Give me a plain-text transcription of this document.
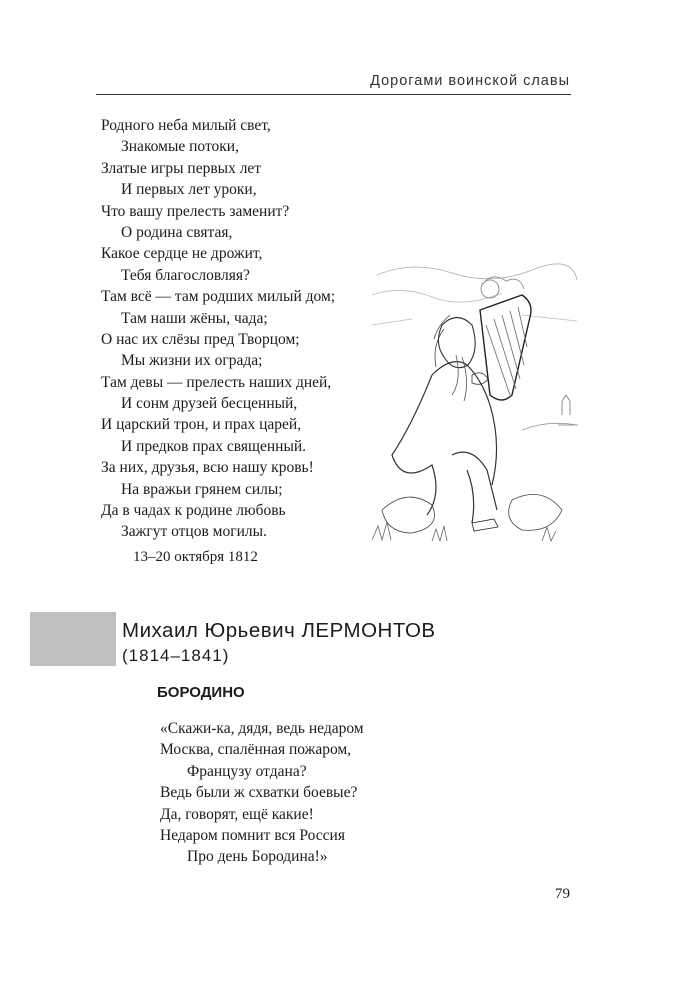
Дорогами воинской славы
Родного неба милый свет,
Знакомые потоки,
Златые игры первых лет
И первых лет уроки,
Что вашу прелесть заменит?
О родина святая,
Какое сердце не дрожит,
Тебя благословляя?
Там всё — там родших милый дом;
Там наши жёны, чада;
О нас их слёзы пред Творцом;
Мы жизни их ограда;
Там девы — прелесть наших дней,
И сонм друзей бесценный,
И царский трон, и прах царей,
И предков прах священный.
За них, друзья, всю нашу кровь!
На вражьи грянем силы;
Да в чадах к родине любовь
Зажгут отцов могилы.
13–20 октября 1812
Михаил Юрьевич ЛЕРМОНТОВ
(1814–1841)
БОРОДИНО
«Скажи-ка, дядя, ведь недаром
Москва, спалённая пожаром,
Французу отдана?
Ведь были ж схватки боевые?
Да, говорят, ещё какие!
Недаром помнит вся Россия
Про день Бородина!»
79
